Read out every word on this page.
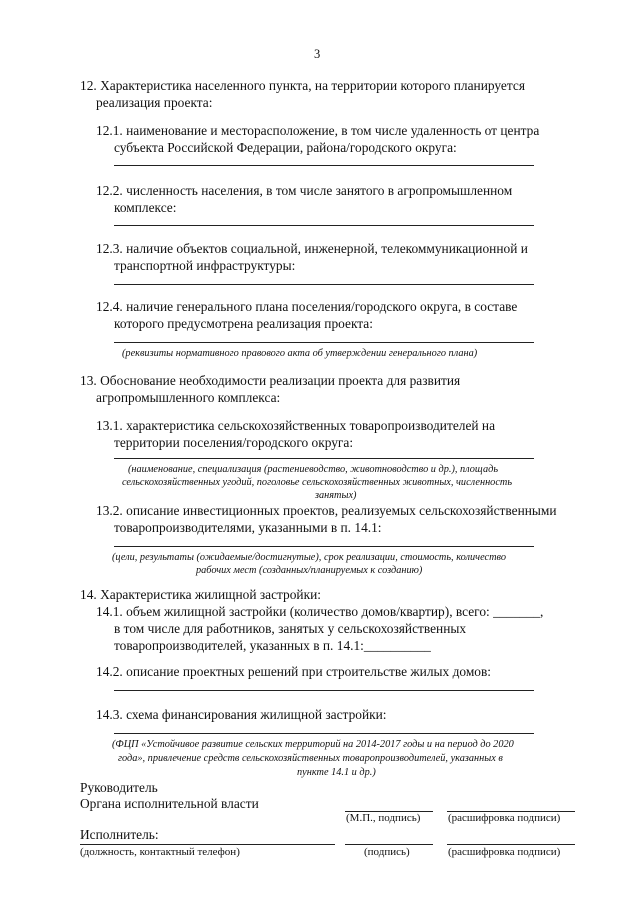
3
12. Характеристика населенного пункта, на территории которого планируется
реализация проекта:
12.1. наименование и месторасположение, в том числе удаленность от центра
субъекта Российской Федерации, района/городского округа:
12.2. численность населения, в том числе занятого в агропромышленном
комплексе:
12.3. наличие объектов социальной, инженерной, телекоммуникационной и
транспортной инфраструктуры:
12.4. наличие генерального плана поселения/городского округа, в составе
которого предусмотрена реализация проекта:
(реквизиты нормативного правового акта об утверждении генерального плана)
13. Обоснование необходимости реализации проекта для развития
агропромышленного комплекса:
13.1. характеристика сельскохозяйственных товаропроизводителей на
территории поселения/городского округа:
(наименование, специализация (растениеводство, животноводство и др.), площадь
сельскохозяйственных угодий, поголовье сельскохозяйственных животных, численность
занятых)
13.2. описание инвестиционных проектов, реализуемых сельскохозяйственными
товаропроизводителями, указанными в п. 14.1:
(цели, результаты (ожидаемые/достигнутые), срок реализации, стоимость, количество
рабочих мест (созданных/планируемых к созданию)
14. Характеристика жилищной застройки:
14.1. объем жилищной застройки (количество домов/квартир), всего: _______,
в том числе для работников, занятых у сельскохозяйственных
товаропроизводителей, указанных в п. 14.1:__________
14.2. описание проектных решений при строительстве жилых домов:
14.3. схема финансирования жилищной застройки:
(ФЦП «Устойчивое развитие сельских территорий на 2014-2017 годы и на период до 2020
года», привлечение средств сельскохозяйственных товаропроизводителей, указанных в
пункте 14.1 и др.)
Руководитель
Органа исполнительной власти
(М.П., подпись)	(расшифровка подписи)
Исполнитель:
(должность, контактный телефон)	(подпись)	(расшифровка подписи)
